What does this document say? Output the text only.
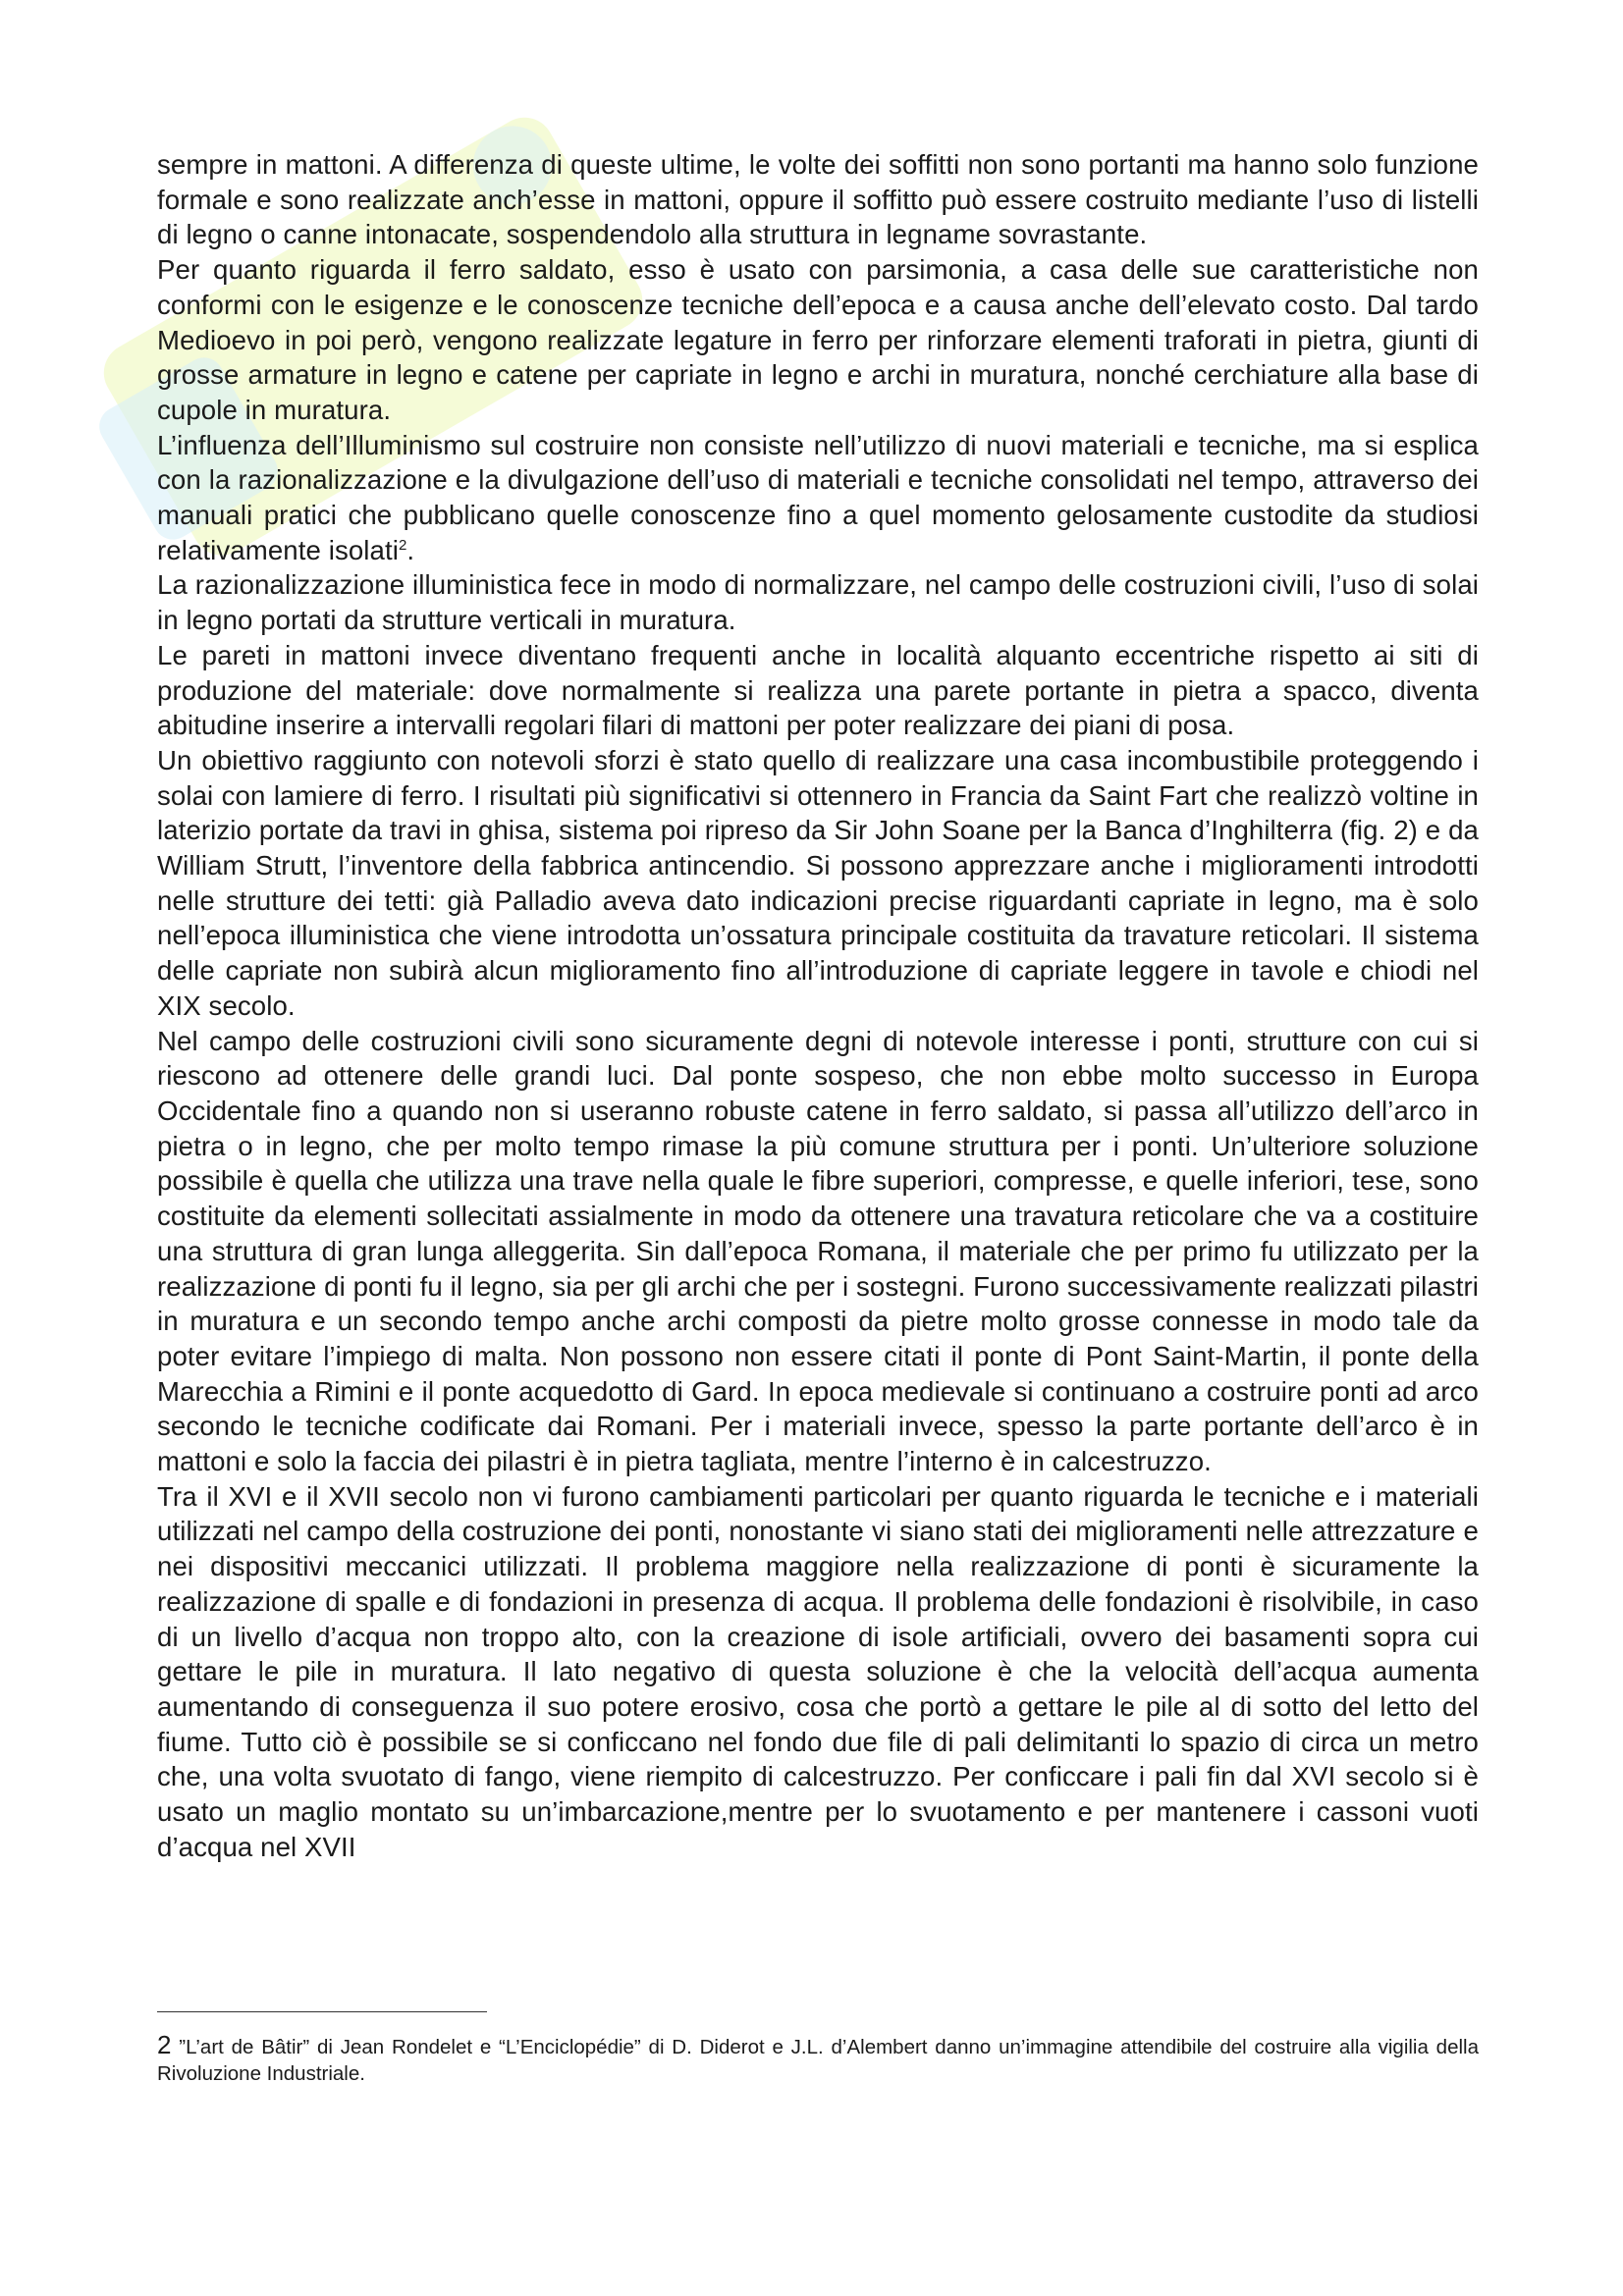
sempre in mattoni. A differenza di queste ultime, le volte dei soffitti non sono portanti ma hanno solo funzione formale e sono realizzate anch’esse in mattoni, oppure il soffitto può essere costruito mediante l’uso di listelli di legno o canne intonacate, sospendendolo alla struttura in legname sovrastante.

Per quanto riguarda il ferro saldato, esso è usato con parsimonia, a casa delle sue caratteristiche non conformi con le esigenze e le conoscenze tecniche dell’epoca e a causa anche dell’elevato costo. Dal tardo Medioevo in poi però, vengono realizzate legature in ferro per rinforzare elementi traforati in pietra, giunti di grosse armature in legno e catene per capriate in legno e archi in muratura, nonché cerchiature alla base di cupole in muratura.

L’influenza dell’Illuminismo sul costruire non consiste nell’utilizzo di nuovi materiali e tecniche, ma si esplica con la razionalizzazione e la divulgazione dell’uso di materiali e tecniche consolidati nel tempo, attraverso dei manuali pratici che pubblicano quelle conoscenze fino a quel momento gelosamente custodite da studiosi relativamente isolati$^2$.

La razionalizzazione illuministica fece in modo di normalizzare, nel campo delle costruzioni civili, l’uso di solai in legno portati da strutture verticali in muratura.

Le pareti in mattoni invece diventano frequenti anche in località alquanto eccentriche rispetto ai siti di produzione del materiale: dove normalmente si realizza una parete portante in pietra a spacco, diventa abitudine inserire a intervalli regolari filari di mattoni per poter realizzare dei piani di posa.

Un obiettivo raggiunto con notevoli sforzi è stato quello di realizzare una casa incombustibile proteggendo i solai con lamiere di ferro. I risultati più significativi si ottennero in Francia da Saint Fart che realizzò voltine in laterizio portate da travi in ghisa, sistema poi ripreso da Sir John Soane per la Banca d’Inghilterra (fig. 2) e da William Strutt, l’inventore della fabbrica antincendio. Si possono apprezzare anche i miglioramenti introdotti nelle strutture dei tetti: già Palladio aveva dato indicazioni precise riguardanti capriate in legno, ma è solo nell’epoca illuministica che viene introdotta un’ossatura principale costituita da travature reticolari. Il sistema delle capriate non subirà alcun miglioramento fino all’introduzione di capriate leggere in tavole e chiodi nel XIX secolo.

Nel campo delle costruzioni civili sono sicuramente degni di notevole interesse i ponti, strutture con cui si riescono ad ottenere delle grandi luci. Dal ponte sospeso, che non ebbe molto successo in Europa Occidentale fino a quando non si useranno robuste catene in ferro saldato, si passa all’utilizzo dell’arco in pietra o in legno, che per molto tempo rimase la più comune struttura per i ponti. Un’ulteriore soluzione possibile è quella che utilizza una trave nella quale le fibre superiori, compresse, e quelle inferiori, tese, sono costituite da elementi sollecitati assialmente in modo da ottenere una travatura reticolare che va a costituire una struttura di gran lunga alleggerita. Sin dall’epoca Romana, il materiale che per primo fu utilizzato per la realizzazione di ponti fu il legno, sia per gli archi che per i sostegni. Furono successivamente realizzati pilastri in muratura e un secondo tempo anche archi composti da pietre molto grosse connesse in modo tale da poter evitare l’impiego di malta. Non possono non essere citati il ponte di Pont Saint-Martin, il ponte della Marecchia a Rimini e il ponte acquedotto di Gard. In epoca medievale si continuano a costruire ponti ad arco secondo le tecniche codificate dai Romani. Per i materiali invece, spesso la parte portante dell’arco è in mattoni e solo la faccia dei pilastri è in pietra tagliata, mentre l’interno è in calcestruzzo.

Tra il XVI e il XVII secolo non vi furono cambiamenti particolari per quanto riguarda le tecniche e i materiali utilizzati nel campo della costruzione dei ponti, nonostante vi siano stati dei miglioramenti nelle attrezzature e nei dispositivi meccanici utilizzati. Il problema maggiore nella realizzazione di ponti è sicuramente la realizzazione di spalle e di fondazioni in presenza di acqua. Il problema delle fondazioni è risolvibile, in caso di un livello d’acqua non troppo alto, con la creazione di isole artificiali, ovvero dei basamenti sopra cui gettare le pile in muratura. Il lato negativo di questa soluzione è che la velocità dell’acqua aumenta aumentando di conseguenza il suo potere erosivo, cosa che portò a gettare le pile al di sotto del letto del fiume. Tutto ciò è possibile se si conficcano nel fondo due file di pali delimitanti lo spazio di circa un metro che, una volta svuotato di fango, viene riempito di calcestruzzo. Per conficcare i pali fin dal XVI secolo si è usato un maglio montato su un’imbarcazione,mentre per lo svuotamento e per mantenere i cassoni vuoti d’acqua nel XVII

2 ”L’art de Bâtir” di Jean Rondelet e “L’Enciclopédie” di D. Diderot e J.L. d’Alembert danno un’immagine attendibile del costruire alla vigilia della Rivoluzione Industriale.
